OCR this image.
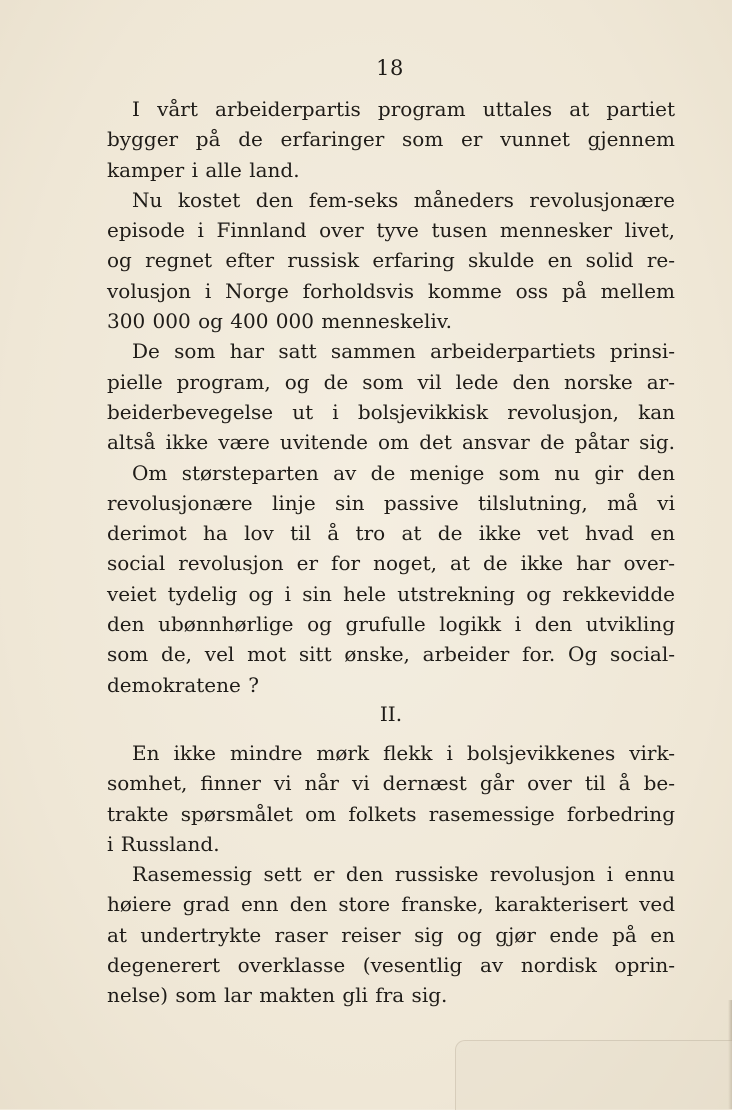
18
I vårt arbeiderpartis program uttales at partiet
bygger på de erfaringer som er vunnet gjennem
kamper i alle land.
Nu kostet den fem-seks måneders revolusjonære
episode i Finnland over tyve tusen mennesker livet,
og regnet efter russisk erfaring skulde en solid re-
volusjon i Norge forholdsvis komme oss på mellem
300 000 og 400 000 menneskeliv.
De som har satt sammen arbeiderpartiets prinsi-
pielle program, og de som vil lede den norske ar-
beiderbevegelse ut i bolsjevikkisk revolusjon, kan
altså ikke være uvitende om det ansvar de påtar sig.
Om størsteparten av de menige som nu gir den
revolusjonære linje sin passive tilslutning, må vi
derimot ha lov til å tro at de ikke vet hvad en
social revolusjon er for noget, at de ikke har over-
veiet tydelig og i sin hele utstrekning og rekkevidde
den ubønnhørlige og grufulle logikk i den utvikling
som de, vel mot sitt ønske, arbeider for. Og social-
demokratene ?
II.
En ikke mindre mørk flekk i bolsjevikkenes virk-
somhet, finner vi når vi dernæst går over til å be-
trakte spørsmålet om folkets rasemessige forbedring
i Russland.
Rasemessig sett er den russiske revolusjon i ennu
høiere grad enn den store franske, karakterisert ved
at undertrykte raser reiser sig og gjør ende på en
degenerert overklasse (vesentlig av nordisk oprin-
nelse) som lar makten gli fra sig.
